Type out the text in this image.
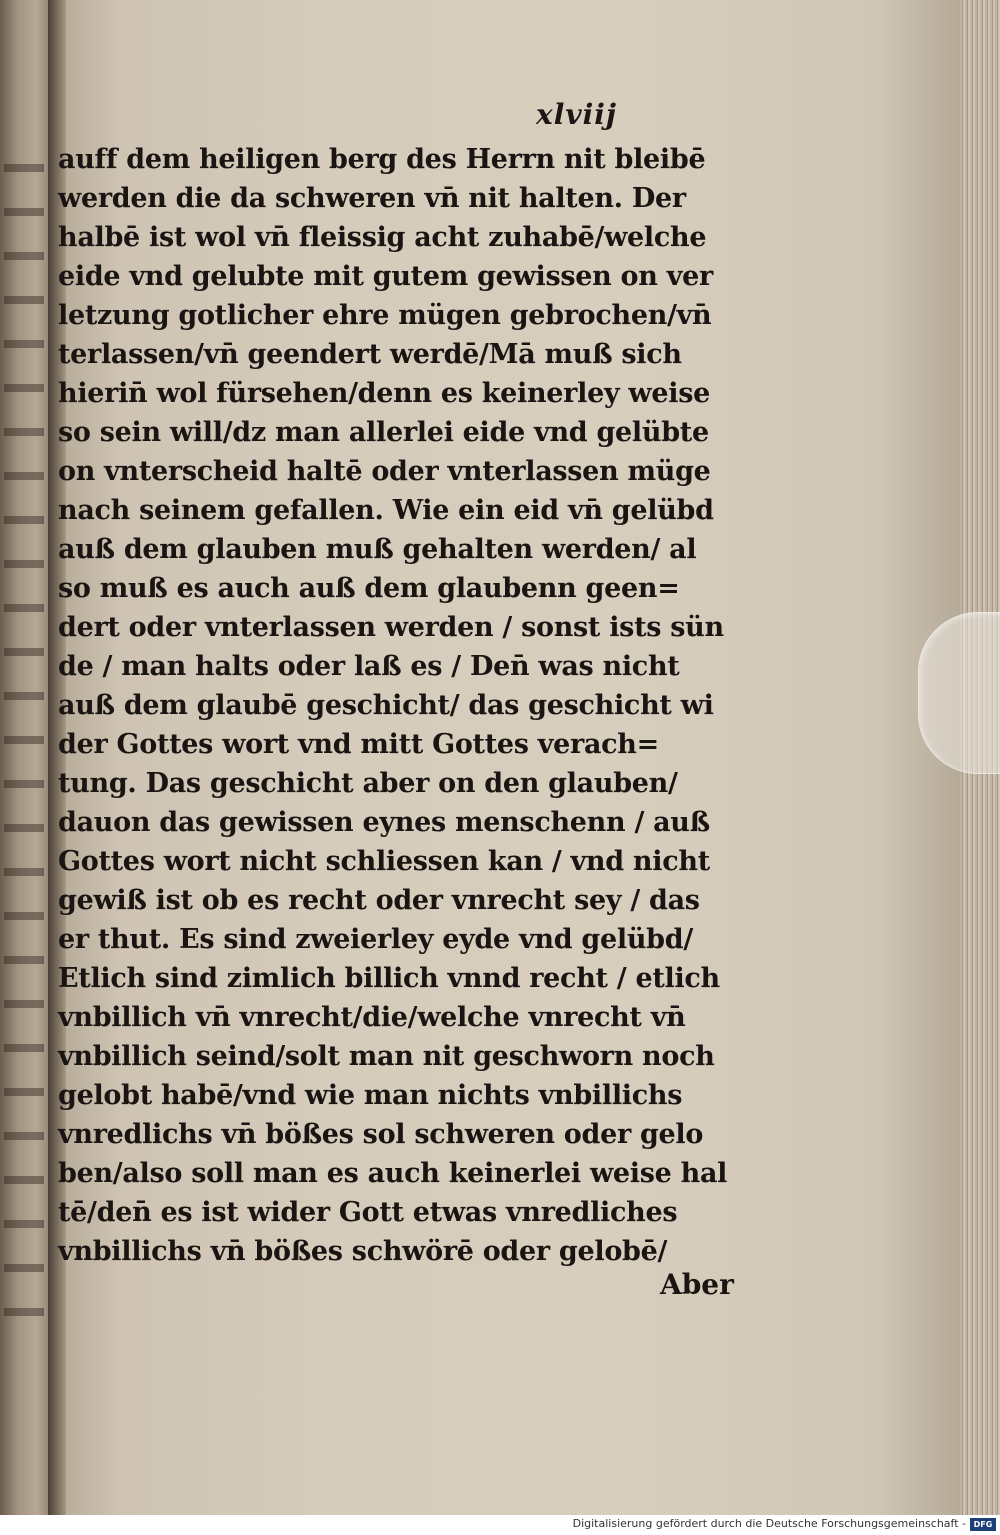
xlviij
auff dem heiligen berg des Herrn nit bleibē
werden die da schweren vn̄ nit halten. Der
halbē ist wol vn̄ fleissig acht zuhabē/welche
eide vnd gelubte mit gutem gewissen on ver
letzung gotlicher ehre mügen gebrochen/vn̄
terlassen/vn̄ geendert werdē/Mā muß sich
hierin̄ wol fürsehen/denn es keinerley weise
so sein will/dz man allerlei eide vnd gelübte
on vnterscheid haltē oder vnterlassen müge
nach seinem gefallen. Wie ein eid vn̄ gelübd
auß dem glauben muß gehalten werden/ al
so muß es auch auß dem glaubenn geen=
dert oder vnterlassen werden / sonst ists sün
de / man halts oder laß es / Den̄ was nicht
auß dem glaubē geschicht/ das geschicht wi
der Gottes wort vnd mitt Gottes verach=
tung. Das geschicht aber on den glauben/
dauon das gewissen eynes menschenn / auß
Gottes wort nicht schliessen kan / vnd nicht
gewiß ist ob es recht oder vnrecht sey / das
er thut. Es sind zweierley eyde vnd gelübd/
Etlich sind zimlich billich vnnd recht / etlich
vnbillich vn̄ vnrecht/die/welche vnrecht vn̄
vnbillich seind/solt man nit geschworn noch
gelobt habē/vnd wie man nichts vnbillichs
vnredlichs vn̄ bößes sol schweren oder gelo
ben/also soll man es auch keinerlei weise hal
tē/den̄ es ist wider Gott etwas vnredliches
vnbillichs vn̄ bößes schwörē oder gelobē/
Aber
Digitalisierung gefördert durch die Deutsche Forschungsgemeinschaft - DFG
